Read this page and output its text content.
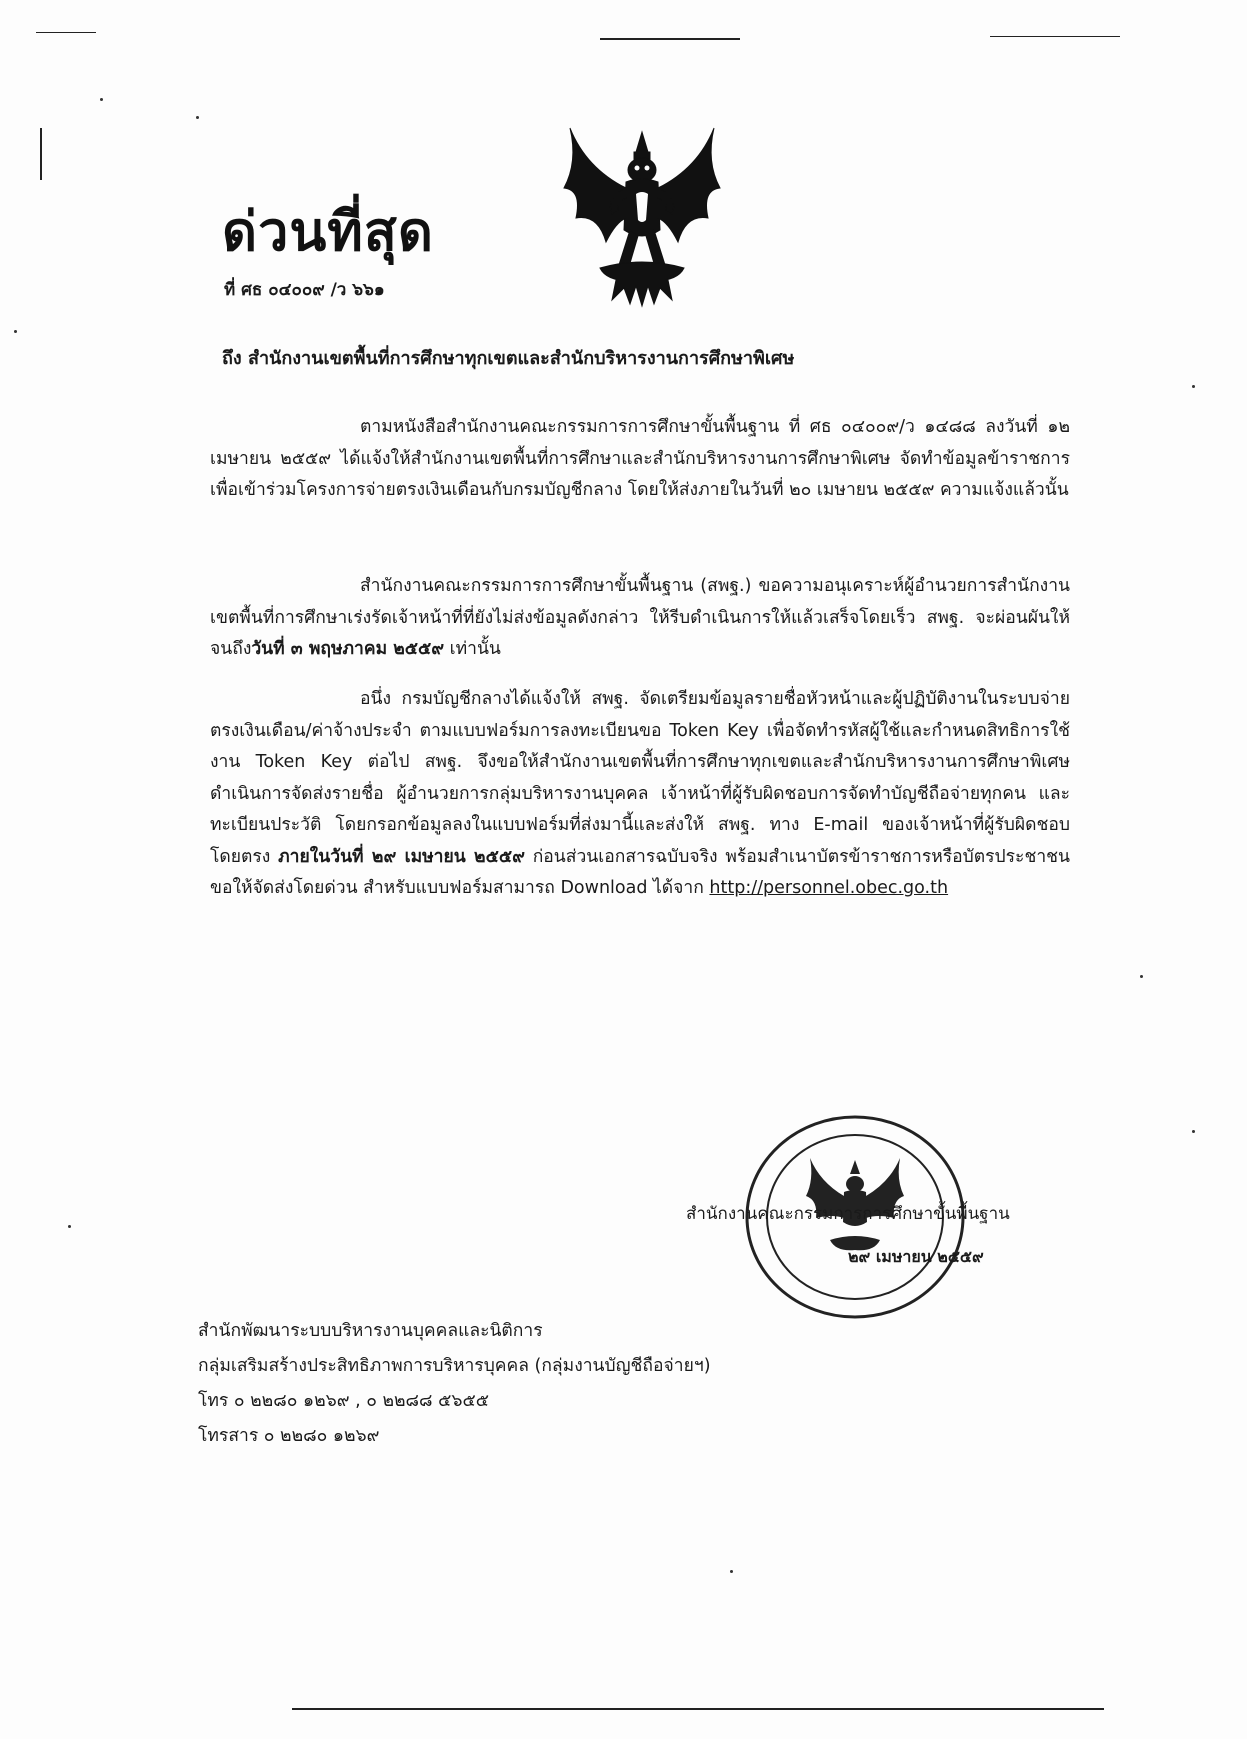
ด่วนที่สุด
ที่ ศธ ๐๔๐๐๙ /ว ๖๖๑
ถึง สำนักงานเขตพื้นที่การศึกษาทุกเขตและสำนักบริหารงานการศึกษาพิเศษ

ตามหนังสือสำนักงานคณะกรรมการการศึกษาขั้นพื้นฐาน ที่ ศธ ๐๔๐๐๙/ว ๑๔๘๘ ลงวันที่ ๑๒ เมษายน ๒๕๕๙ ได้แจ้งให้สำนักงานเขตพื้นที่การศึกษาและสำนักบริหารงานการศึกษาพิเศษ จัดทำข้อมูลข้าราชการเพื่อเข้าร่วมโครงการจ่ายตรงเงินเดือนกับกรมบัญชีกลาง โดยให้ส่งภายในวันที่ ๒๐ เมษายน ๒๕๕๙ ความแจ้งแล้วนั้น

สำนักงานคณะกรรมการการศึกษาขั้นพื้นฐาน (สพฐ.) ขอความอนุเคราะห์ผู้อำนวยการสำนักงานเขตพื้นที่การศึกษาเร่งรัดเจ้าหน้าที่ที่ยังไม่ส่งข้อมูลดังกล่าว ให้รีบดำเนินการให้แล้วเสร็จโดยเร็ว สพฐ. จะผ่อนผันให้จนถึงวันที่ ๓ พฤษภาคม ๒๕๕๙ เท่านั้น

อนึ่ง กรมบัญชีกลางได้แจ้งให้ สพฐ. จัดเตรียมข้อมูลรายชื่อหัวหน้าและผู้ปฏิบัติงานในระบบจ่ายตรงเงินเดือน/ค่าจ้างประจำ ตามแบบฟอร์มการลงทะเบียนขอ Token Key เพื่อจัดทำรหัสผู้ใช้และกำหนดสิทธิการใช้งาน Token Key ต่อไป สพฐ. จึงขอให้สำนักงานเขตพื้นที่การศึกษาทุกเขตและสำนักบริหารงานการศึกษาพิเศษ ดำเนินการจัดส่งรายชื่อ ผู้อำนวยการกลุ่มบริหารงานบุคคล เจ้าหน้าที่ผู้รับผิดชอบการจัดทำบัญชีถือจ่ายทุกคน และทะเบียนประวัติ โดยกรอกข้อมูลลงในแบบฟอร์มที่ส่งมานี้และส่งให้ สพฐ. ทาง E-mail ของเจ้าหน้าที่ผู้รับผิดชอบโดยตรง ภายในวันที่ ๒๙ เมษายน ๒๕๕๙ ก่อนส่วนเอกสารฉบับจริง พร้อมสำเนาบัตรข้าราชการหรือบัตรประชาชน ขอให้จัดส่งโดยด่วน สำหรับแบบฟอร์มสามารถ Download ได้จาก http://personnel.obec.go.th

สำนักงานคณะกรรมการการศึกษาขั้นพื้นฐาน
๒๙ เมษายน ๒๕๕๙
สำนักพัฒนาระบบบริหารงานบุคคลและนิติการ
กลุ่มเสริมสร้างประสิทธิภาพการบริหารบุคคล (กลุ่มงานบัญชีถือจ่ายฯ)
โทร ๐ ๒๒๘๐ ๑๒๖๙ , ๐ ๒๒๘๘ ๕๖๕๕
โทรสาร ๐ ๒๒๘๐ ๑๒๖๙
